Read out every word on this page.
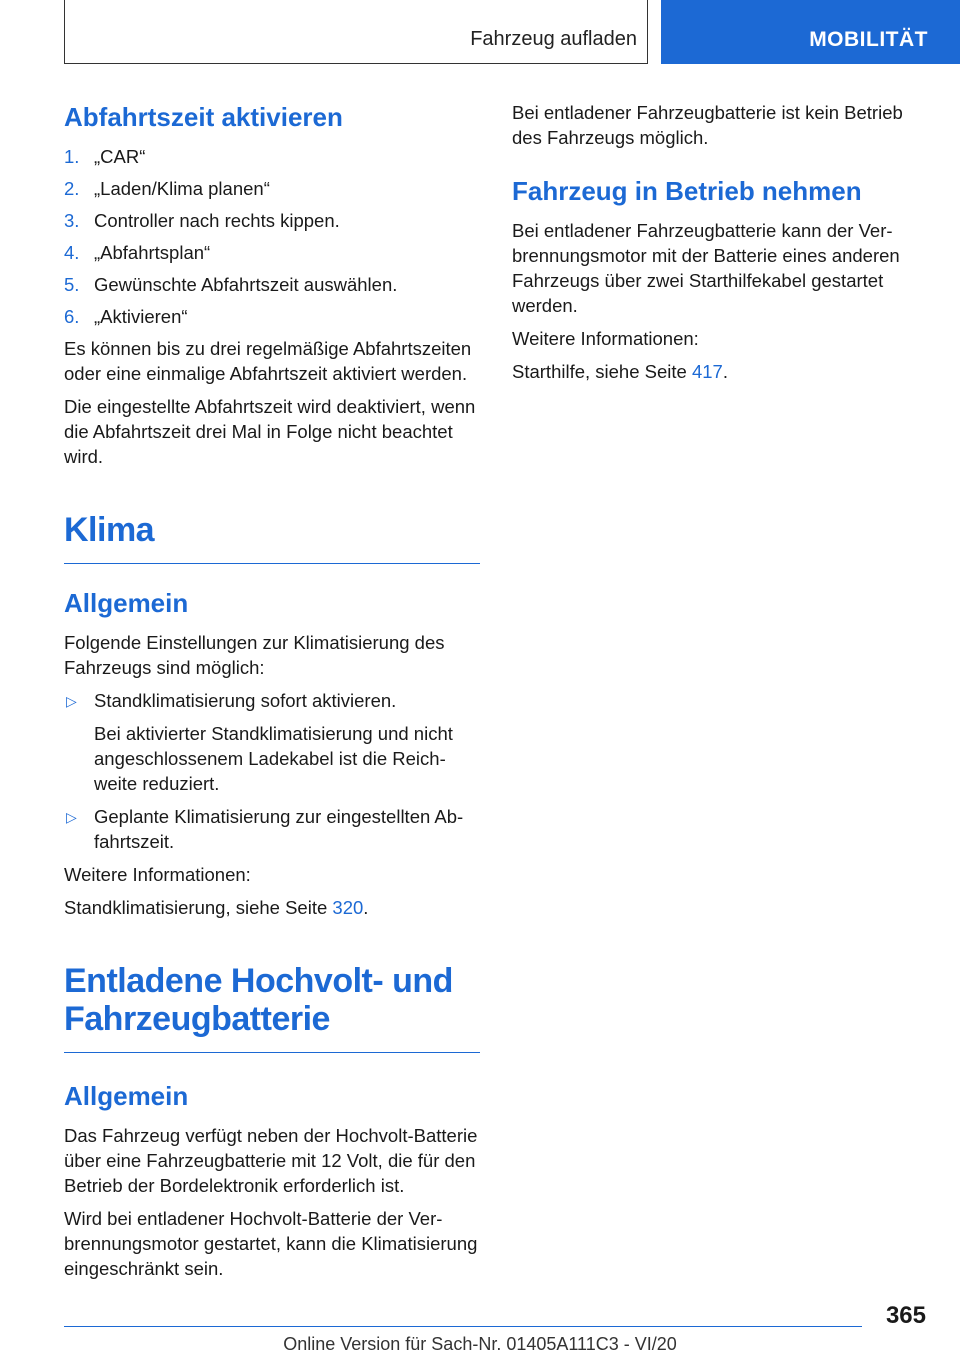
Fahrzeug aufladen	MOBILITÄT
Abfahrtszeit aktivieren
1. „CAR“
2. „Laden/Klima planen“
3. Controller nach rechts kippen.
4. „Abfahrtsplan“
5. Gewünschte Abfahrtszeit auswählen.
6. „Aktivieren“

Es können bis zu drei regelmäßige Abfahrtszeiten oder eine einmalige Abfahrtszeit aktiviert werden.

Die eingestellte Abfahrtszeit wird deaktiviert, wenn die Abfahrtszeit drei Mal in Folge nicht beachtet wird.

Klima
Allgemein

Folgende Einstellungen zur Klimatisierung des Fahrzeugs sind möglich:

▷ Standklimatisierung sofort aktivieren.
Bei aktivierter Standklimatisierung und nicht angeschlossenem Ladekabel ist die Reichweite reduziert.
▷ Geplante Klimatisierung zur eingestellten Abfahrtszeit.

Weitere Informationen:

Standklimatisierung, siehe Seite 320.

Entladene Hochvolt- und Fahrzeugbatterie
Allgemein

Das Fahrzeug verfügt neben der Hochvolt-Batterie über eine Fahrzeugbatterie mit 12 Volt, die für den Betrieb der Bordelektronik erforderlich ist.

Wird bei entladener Hochvolt-Batterie der Verbrennungsmotor gestartet, kann die Klimatisierung eingeschränkt sein.

Bei entladener Fahrzeugbatterie ist kein Betrieb des Fahrzeugs möglich.

Fahrzeug in Betrieb nehmen

Bei entladener Fahrzeugbatterie kann der Verbrennungsmotor mit der Batterie eines anderen Fahrzeugs über zwei Starthilfekabel gestartet werden.

Weitere Informationen:

Starthilfe, siehe Seite 417.

365
Online Version für Sach-Nr. 01405A111C3 - VI/20
